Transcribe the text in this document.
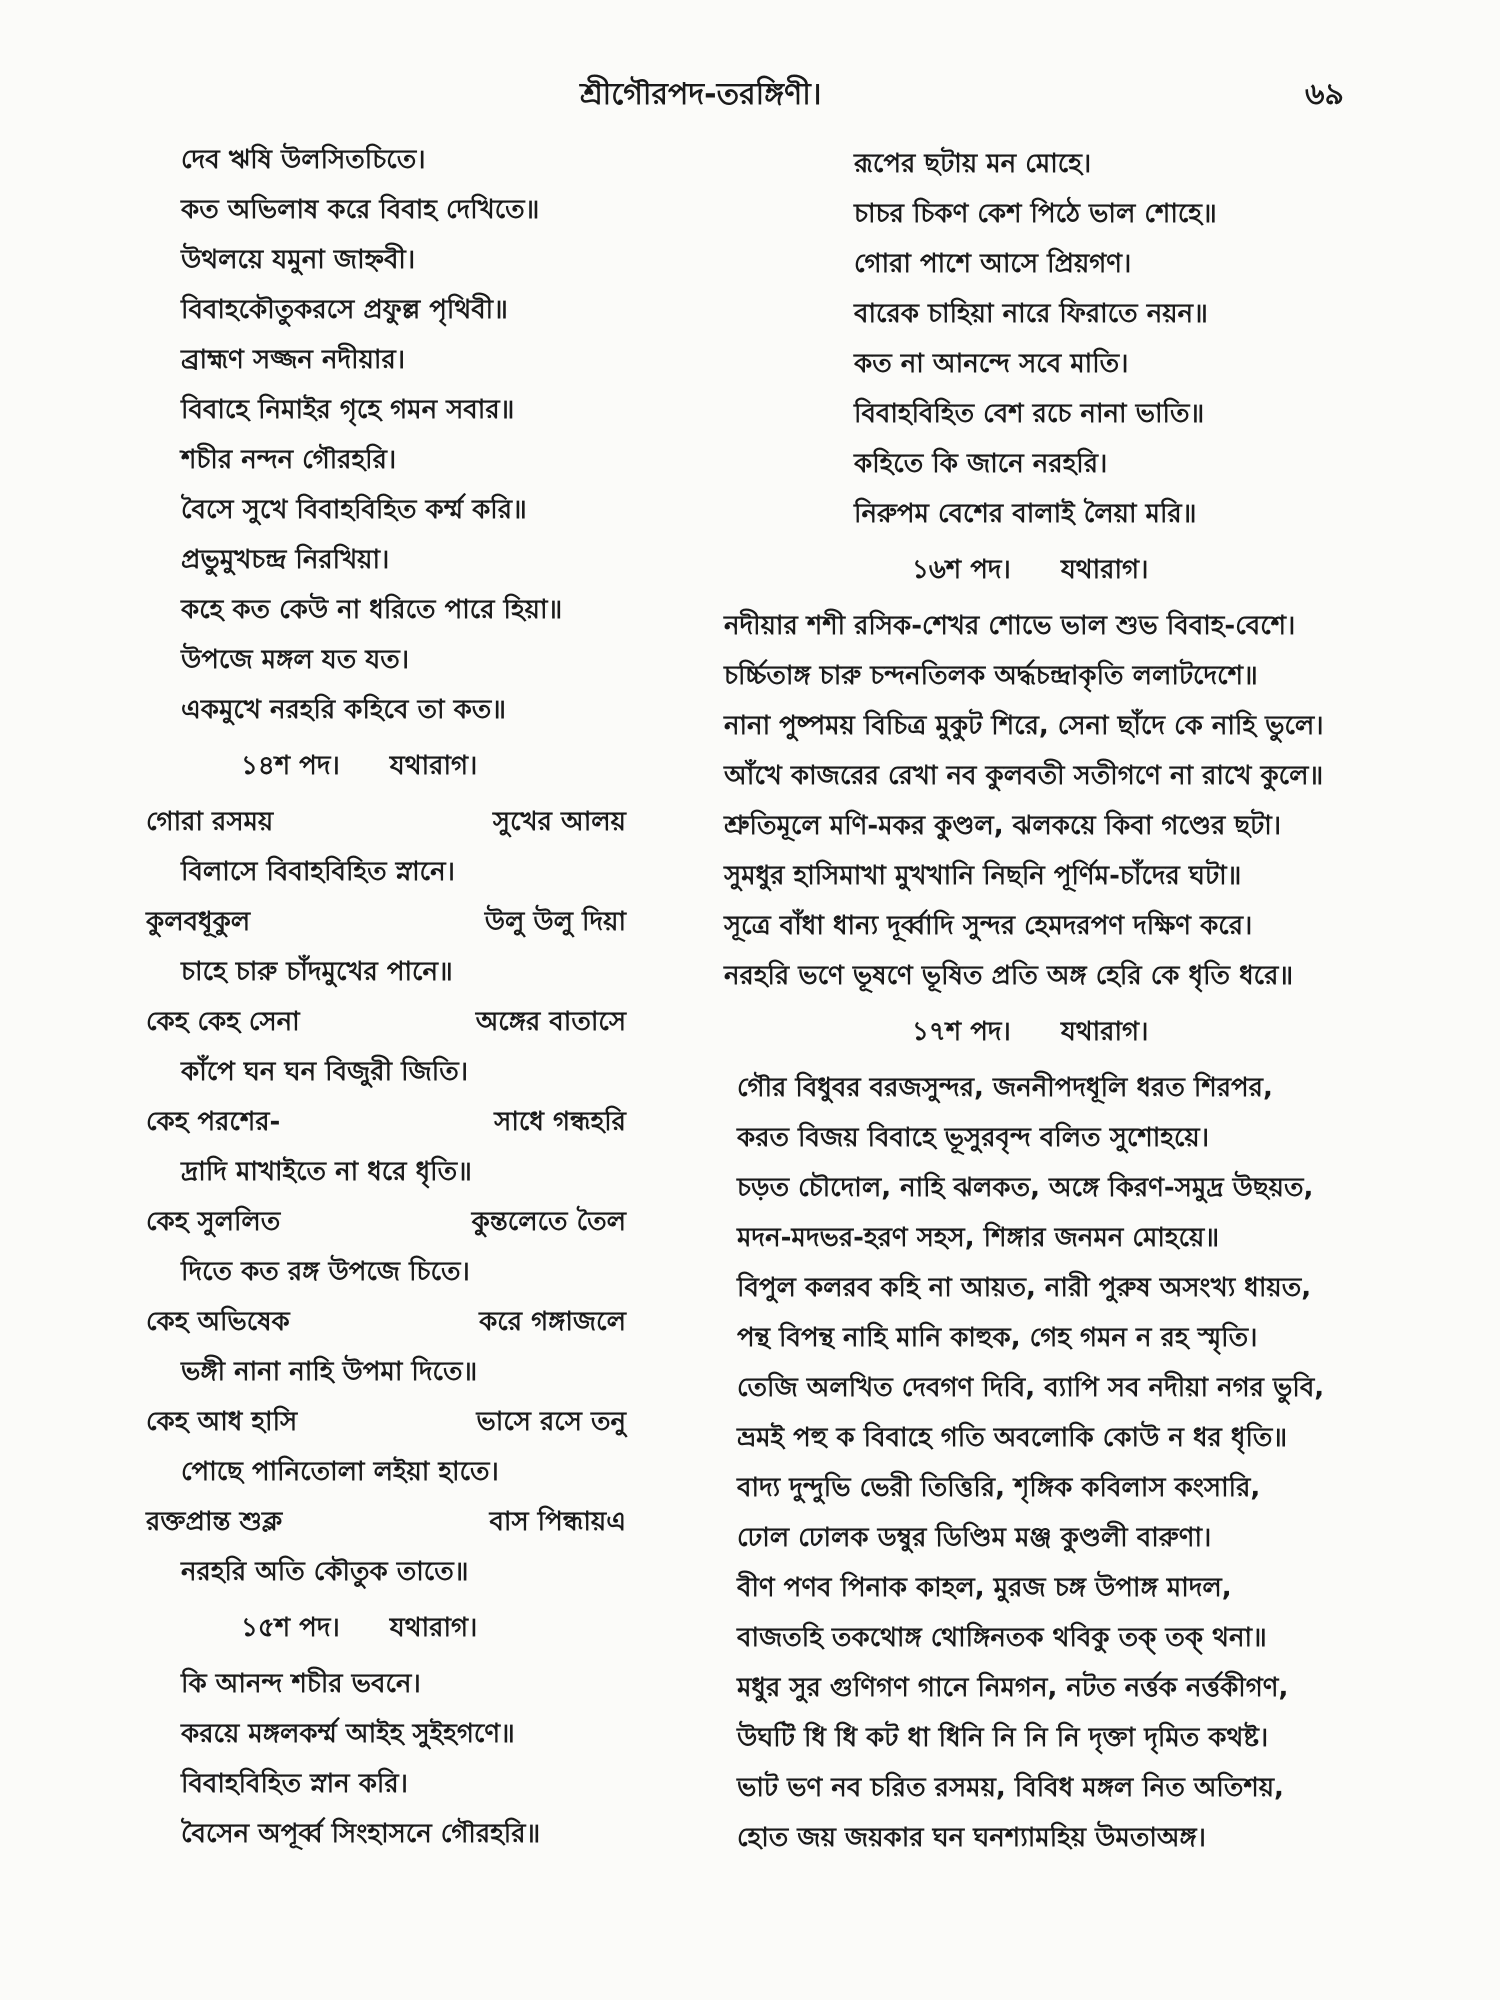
শ্রীগৌরপদ-তরঙ্গিণী।	৬৯
দেব ঋষি উলসিতচিতে।
কত অভিলাষ করে বিবাহ দেখিতে॥
উথলয়ে যমুনা জাহ্নবী।
বিবাহকৌতুকরসে প্রফুল্ল পৃথিবী॥
ব্রাহ্মণ সজ্জন নদীয়ার।
বিবাহে নিমাইর গৃহে গমন সবার॥
শচীর নন্দন গৌরহরি।
বৈসে সুখে বিবাহবিহিত কর্ম্ম করি॥
প্রভুমুখচন্দ্র নিরখিয়া।
কহে কত কেউ না ধরিতে পারে হিয়া॥
উপজে মঙ্গল যত যত।
একমুখে নরহরি কহিবে তা কত॥
১৪শ পদ। যথারাগ।
গোরা রসময়	সুখের আলয়
বিলাসে বিবাহবিহিত স্নানে।
কুলবধূকুল	উলু উলু দিয়া
চাহে চারু চাঁদমুখের পানে॥
কেহ কেহ সেনা	অঙ্গের বাতাসে
কাঁপে ঘন ঘন বিজুরী জিতি।
কেহ পরশের-	সাধে গন্ধহরি
দ্রাদি মাখাইতে না ধরে ধৃতি॥
কেহ সুললিত	কুন্তলেতে তৈল
দিতে কত রঙ্গ উপজে চিতে।
কেহ অভিষেক	করে গঙ্গাজলে
ভঙ্গী নানা নাহি উপমা দিতে॥
কেহ আধ হাসি	ভাসে রসে তনু
পোছে পানিতোলা লইয়া হাতে।
রক্তপ্রান্ত শুক্ল	বাস পিন্ধায়এ
নরহরি অতি কৌতুক তাতে॥
১৫শ পদ। যথারাগ।
কি আনন্দ শচীর ভবনে।
করয়ে মঙ্গলকর্ম্ম আইহ সুইহগণে॥
বিবাহবিহিত স্নান করি।
বৈসেন অপূর্ব্ব সিংহাসনে গৌরহরি॥
রূপের ছটায় মন মোহে।
চাচর চিকণ কেশ পিঠে ভাল শোহে॥
গোরা পাশে আসে প্রিয়গণ।
বারেক চাহিয়া নারে ফিরাতে নয়ন॥
কত না আনন্দে সবে মাতি।
বিবাহবিহিত বেশ রচে নানা ভাতি॥
কহিতে কি জানে নরহরি।
নিরুপম বেশের বালাই লৈয়া মরি॥
১৬শ পদ। যথারাগ।
নদীয়ার শশী রসিক-শেখর শোভে ভাল শুভ বিবাহ-বেশে।
চর্চ্চিতাঙ্গ চারু চন্দনতিলক অর্দ্ধচন্দ্রাকৃতি ললাটদেশে॥
নানা পুষ্পময় বিচিত্র মুকুট শিরে, সেনা ছাঁদে কে নাহি ভুলে।
আঁখে কাজরের রেখা নব কুলবতী সতীগণে না রাখে কুলে॥
শ্রুতিমূলে মণি-মকর কুণ্ডল, ঝলকয়ে কিবা গণ্ডের ছটা।
সুমধুর হাসিমাখা মুখখানি নিছনি পূর্ণিম-চাঁদের ঘটা॥
সূত্রে বাঁধা ধান্য দূর্ব্বাদি সুন্দর হেমদরপণ দক্ষিণ করে।
নরহরি ভণে ভূষণে ভূষিত প্রতি অঙ্গ হেরি কে ধৃতি ধরে॥
১৭শ পদ। যথারাগ।
গৌর বিধুবর বরজসুন্দর, জননীপদধূলি ধরত শিরপর,
করত বিজয় বিবাহে ভূসুরবৃন্দ বলিত সুশোহয়ে।
চড়ত চৌদোল, নাহি ঝলকত, অঙ্গে কিরণ-সমুদ্র উছয়ত,
মদন-মদভর-হরণ সহস, শিঙ্গার জনমন মোহয়ে॥
বিপুল কলরব কহি না আয়ত, নারী পুরুষ অসংখ্য ধায়ত,
পন্থ বিপন্থ নাহি মানি কাহুক, গেহ গমন ন রহ স্মৃতি।
তেজি অলখিত দেবগণ দিবি, ব্যাপি সব নদীয়া নগর ভুবি,
ভ্রমই পহু ক বিবাহে গতি অবলোকি কোউ ন ধর ধৃতি॥
বাদ্য দুন্দুভি ভেরী তিত্তিরি, শৃঙ্গিক কবিলাস কংসারি,
ঢোল ঢোলক ডম্বুর ডিণ্ডিম মঞ্জ কুণ্ডলী বারুণা।
বীণ পণব পিনাক কাহল, মুরজ চঙ্গ উপাঙ্গ মাদল,
বাজতহি তকথোঙ্গ থোঙ্গিনতক থবিকু তক্ তক্ থনা॥
মধুর সুর গুণিগণ গানে নিমগন, নটত নর্ত্তক নর্ত্তকীগণ,
উঘটি ধি ধি কট ধা ধিনি নি নি নি দৃক্তা দৃমিত কথষ্ট।
ভাট ভণ নব চরিত রসময়, বিবিধ মঙ্গল নিত অতিশয়,
হোত জয় জয়কার ঘন ঘনশ্যামহিয় উমতাঅঙ্গ।
